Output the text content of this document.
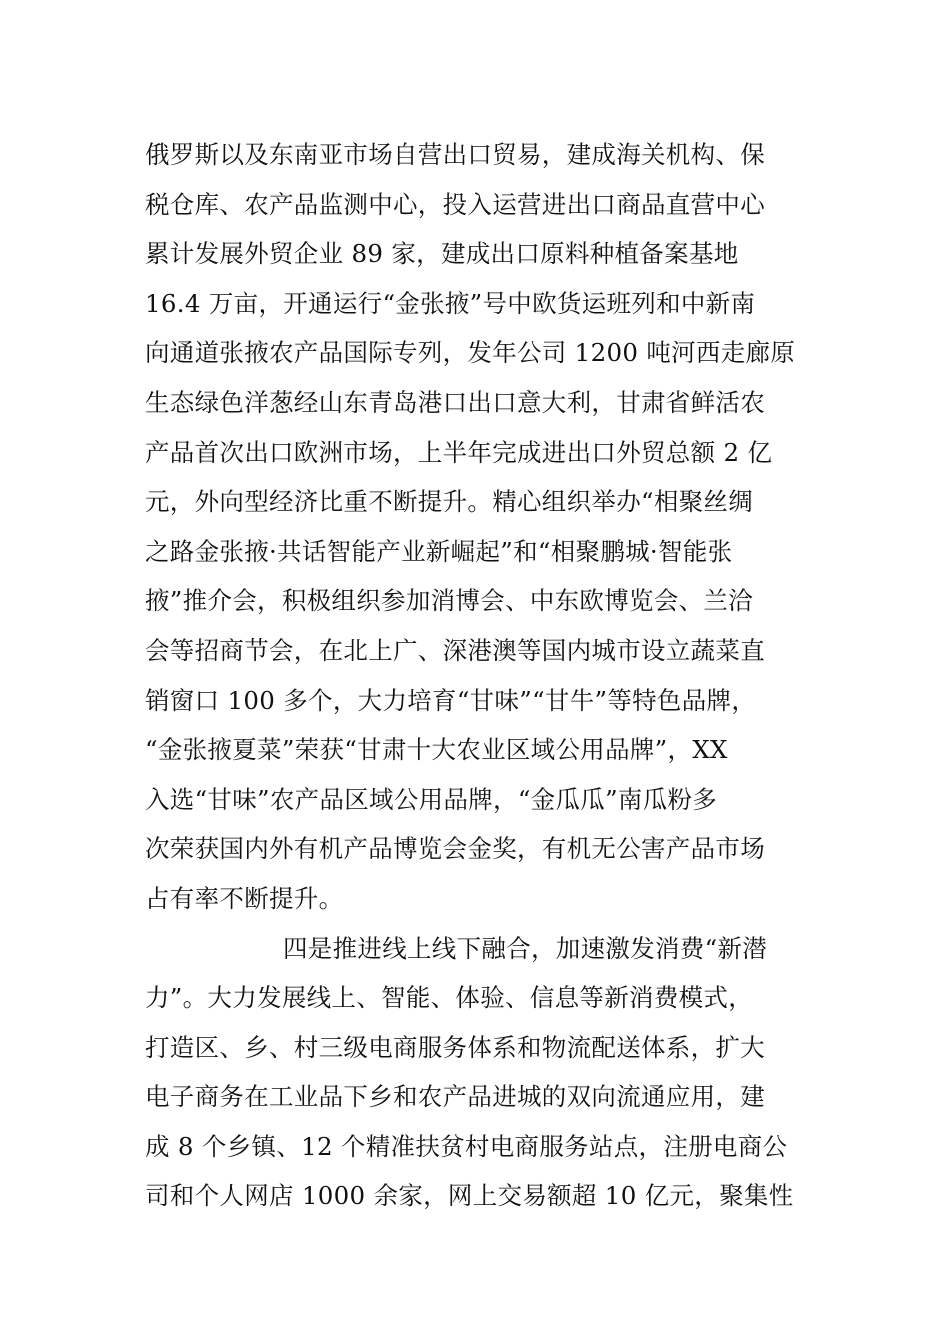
俄罗斯以及东南亚市场自营出口贸易，建成海关机构、保
税仓库、农产品监测中心，投入运营进出口商品直营中心
累计发展外贸企业 89 家，建成出口原料种植备案基地
16.4 万亩，开通运行“金张掖”号中欧货运班列和中新南
向通道张掖农产品国际专列，发年公司 1200 吨河西走廊原
生态绿色洋葱经山东青岛港口出口意大利，甘肃省鲜活农
产品首次出口欧洲市场，上半年完成进出口外贸总额 2 亿
元，外向型经济比重不断提升。精心组织举办“相聚丝绸
之路金张掖·共话智能产业新崛起”和“相聚鹏城·智能张
掖”推介会，积极组织参加消博会、中东欧博览会、兰洽
会等招商节会，在北上广、深港澳等国内城市设立蔬菜直
销窗口 100 多个，大力培育“甘味”“甘牛”等特色品牌，
“金张掖夏菜”荣获“甘肃十大农业区域公用品牌”，XX
入选“甘味”农产品区域公用品牌，“金瓜瓜”南瓜粉多
次荣获国内外有机产品博览会金奖，有机无公害产品市场
占有率不断提升。
四是推进线上线下融合，加速激发消费“新潜
力”。大力发展线上、智能、体验、信息等新消费模式，
打造区、乡、村三级电商服务体系和物流配送体系，扩大
电子商务在工业品下乡和农产品进城的双向流通应用，建
成 8 个乡镇、12 个精准扶贫村电商服务站点，注册电商公
司和个人网店 1000 余家，网上交易额超 10 亿元，聚集性
